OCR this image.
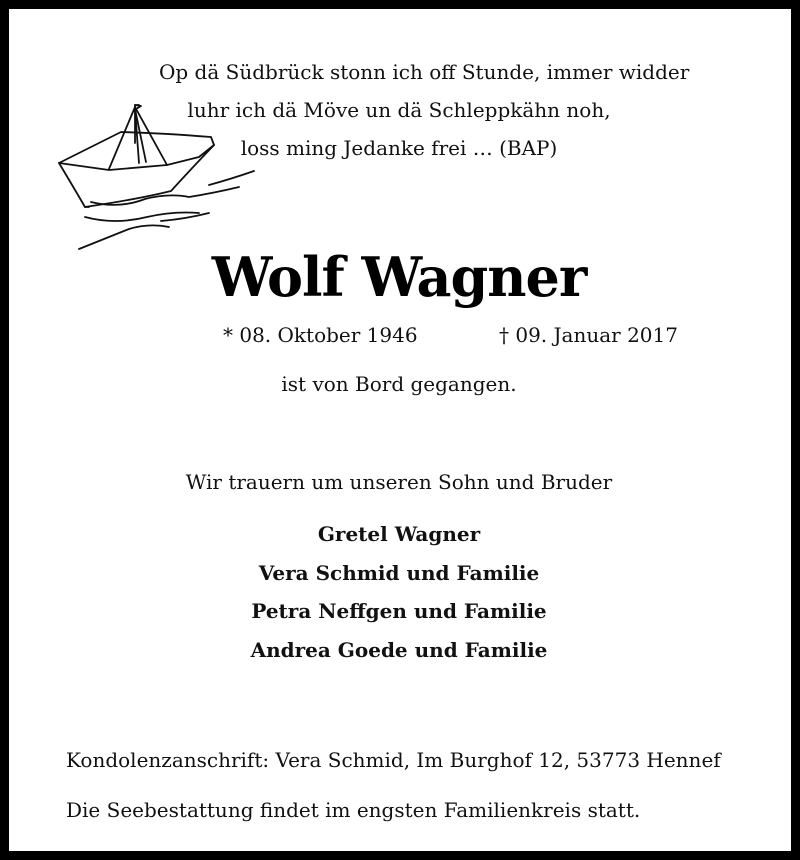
Op dä Südbrück stonn ich off Stunde, immer widder
luhr ich dä Möve un dä Schleppkähn noh,
loss ming Jedanke frei … (BAP)
Wolf Wagner
* 08. Oktober 1946	† 09. Januar 2017
ist von Bord gegangen.
Wir trauern um unseren Sohn und Bruder
Gretel Wagner
Vera Schmid und Familie
Petra Neffgen und Familie
Andrea Goede und Familie
Kondolenzanschrift: Vera Schmid, Im Burghof 12, 53773 Hennef
Die Seebestattung findet im engsten Familienkreis statt.
